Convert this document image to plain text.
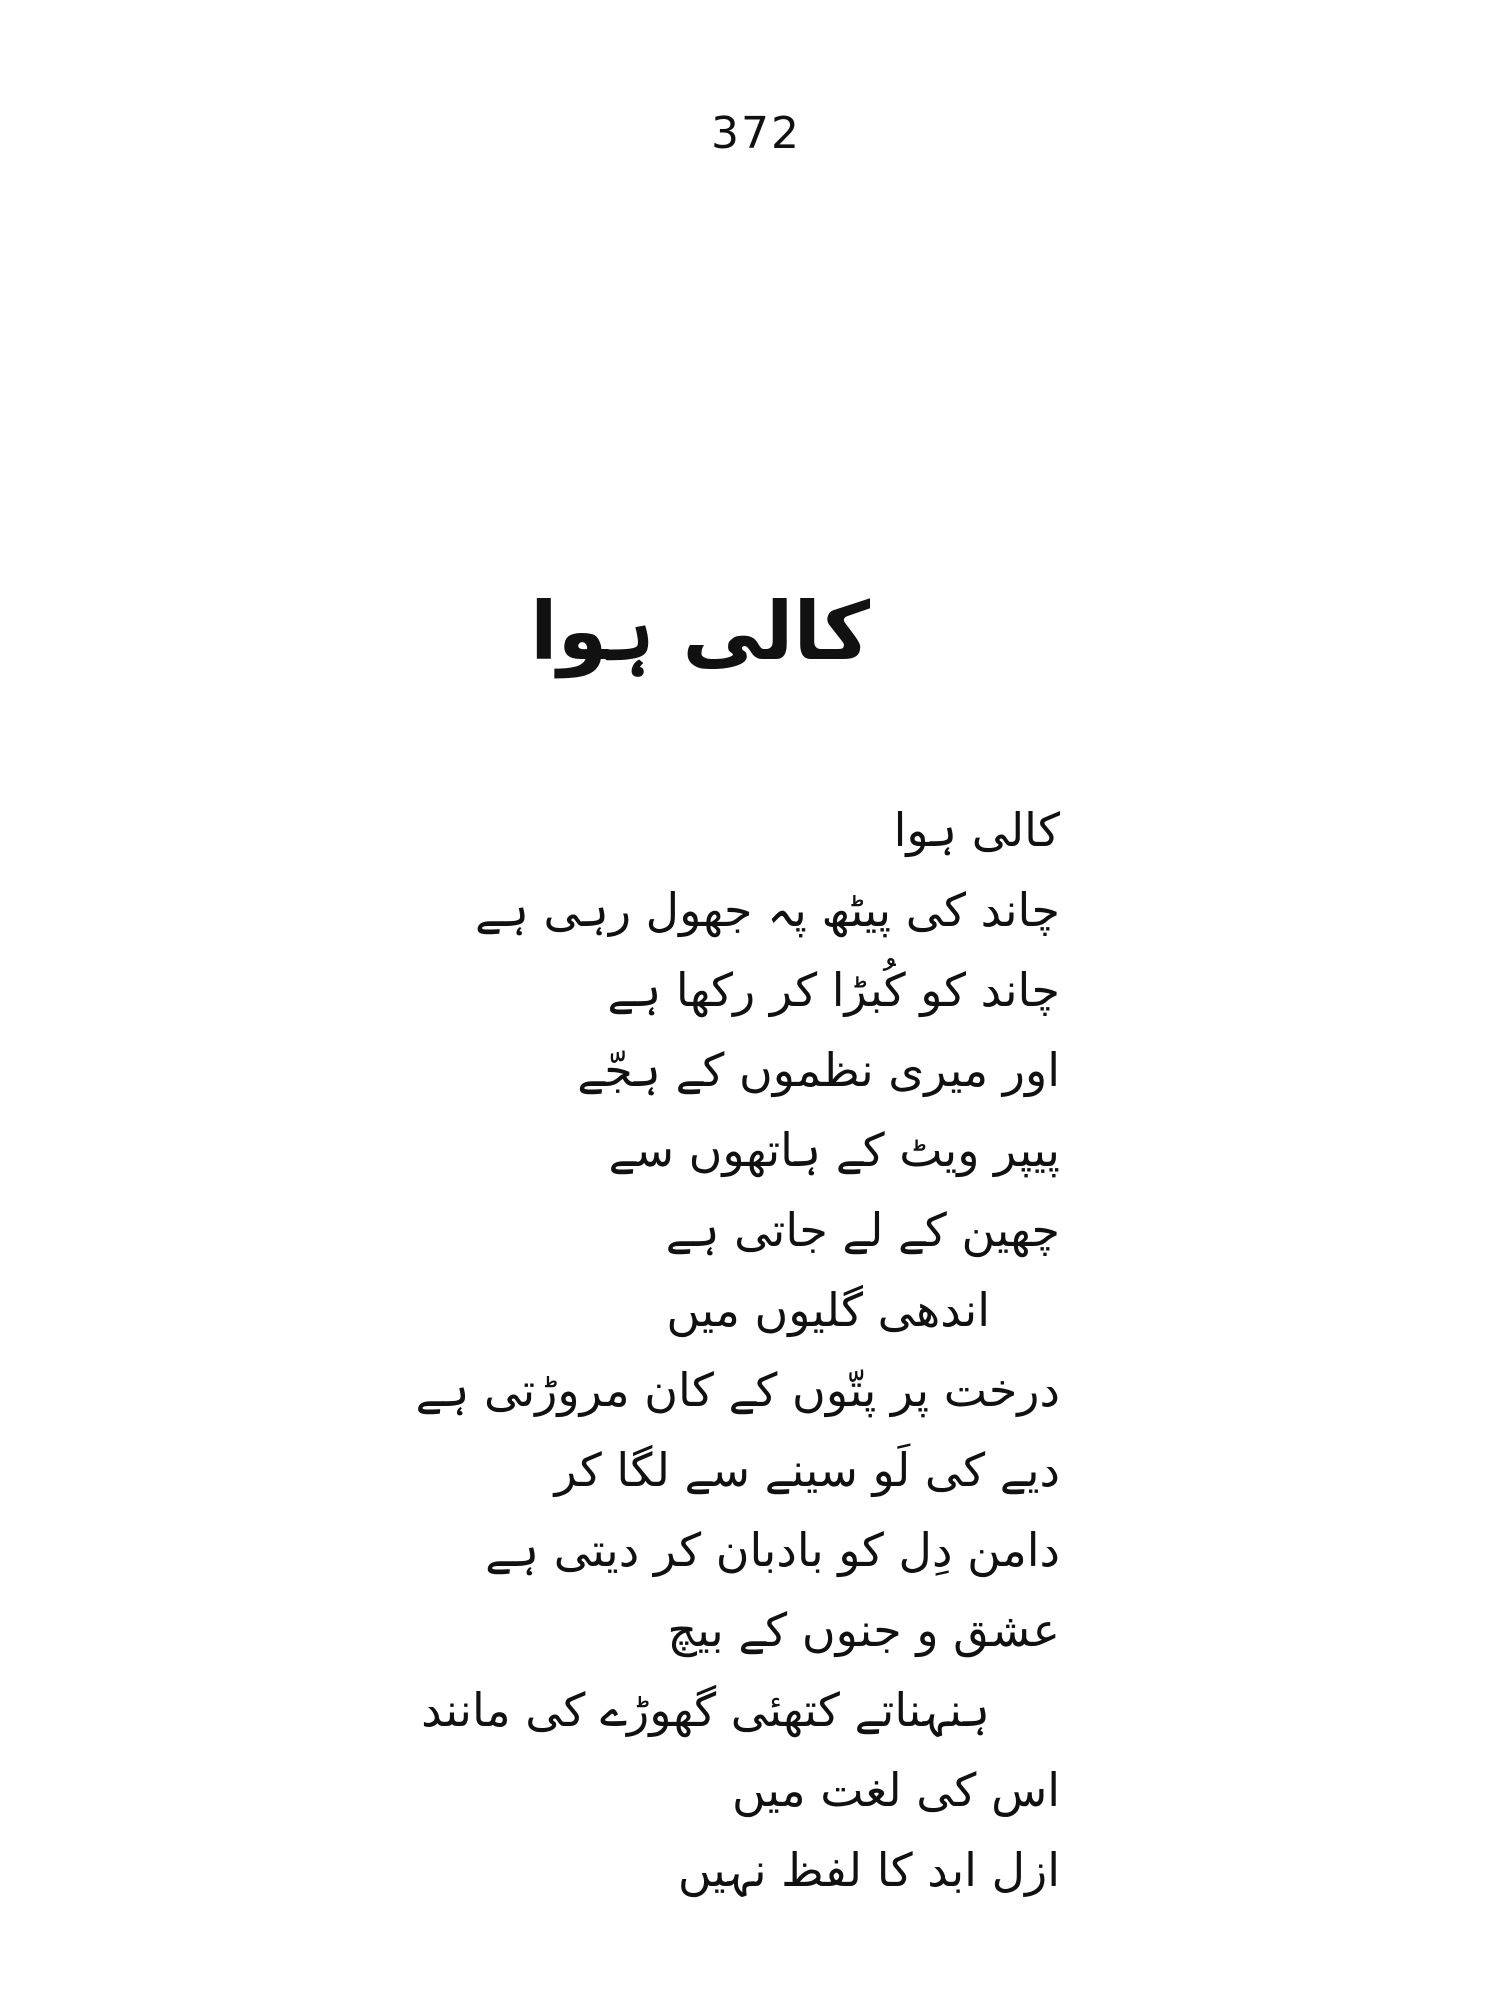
372
کالی ہوا
کالی ہوا
چاند کی پیٹھ پہ جھول رہی ہے
چاند کو کُبڑا کر رکھا ہے
اور میری نظموں کے ہجّے
پیپر ویٹ کے ہاتھوں سے
چھین کے لے جاتی ہے
اندھی گلیوں میں
درخت پر پتّوں کے کان مروڑتی ہے
دیے کی لَو سینے سے لگا کر
دامن دِل کو بادبان کر دیتی ہے
عشق و جنوں کے بیچ
ہنہناتے کتھئی گھوڑے کی مانند
اس کی لغت میں
ازل ابد کا لفظ نہیں
